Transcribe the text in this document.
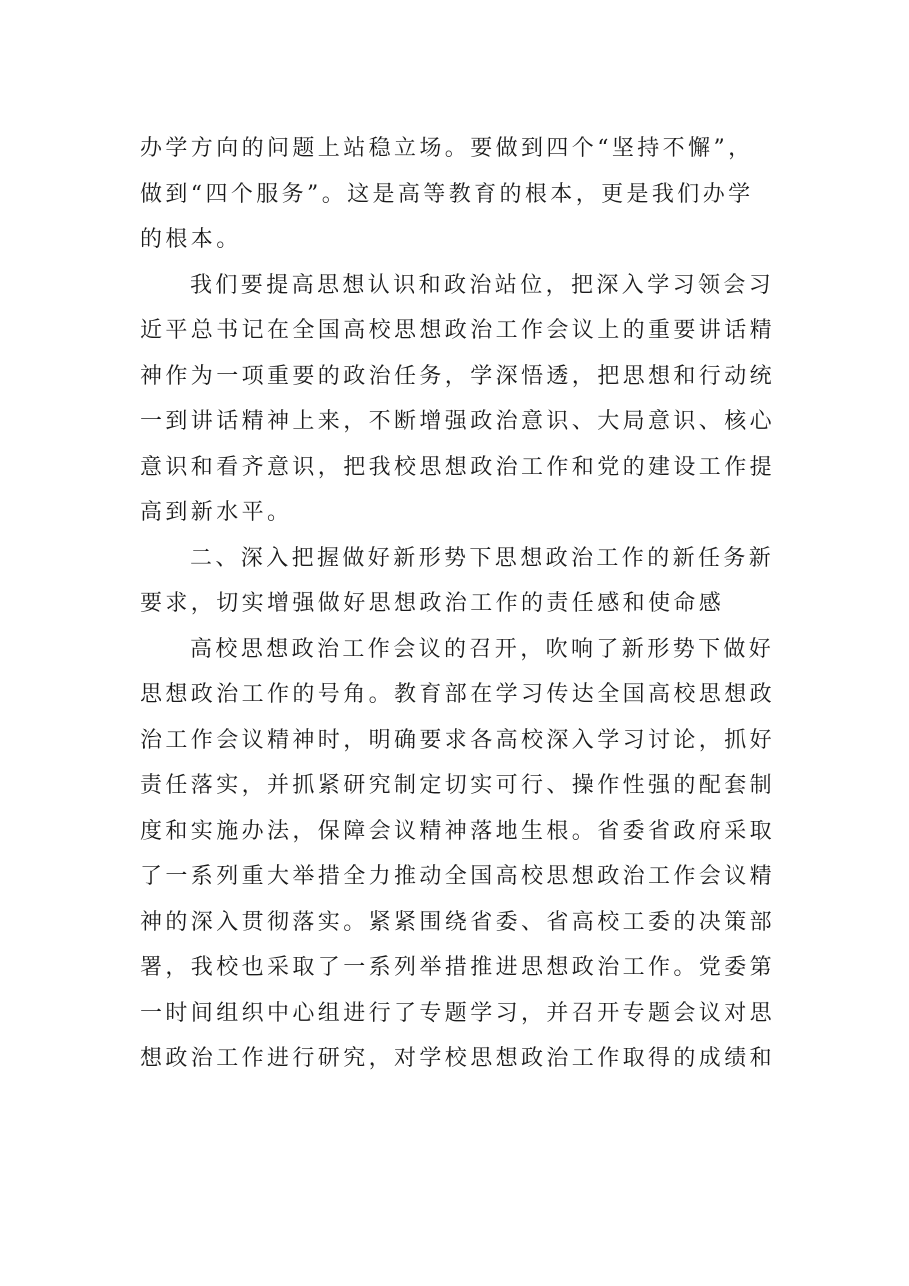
办学方向的问题上站稳立场。要做到四个“坚持不懈”，
做到“四个服务”。这是高等教育的根本，更是我们办学
的根本。
我们要提高思想认识和政治站位，把深入学习领会习
近平总书记在全国高校思想政治工作会议上的重要讲话精
神作为一项重要的政治任务，学深悟透，把思想和行动统
一到讲话精神上来，不断增强政治意识、大局意识、核心
意识和看齐意识，把我校思想政治工作和党的建设工作提
高到新水平。
二、深入把握做好新形势下思想政治工作的新任务新
要求，切实增强做好思想政治工作的责任感和使命感
高校思想政治工作会议的召开，吹响了新形势下做好
思想政治工作的号角。教育部在学习传达全国高校思想政
治工作会议精神时，明确要求各高校深入学习讨论，抓好
责任落实，并抓紧研究制定切实可行、操作性强的配套制
度和实施办法，保障会议精神落地生根。省委省政府采取
了一系列重大举措全力推动全国高校思想政治工作会议精
神的深入贯彻落实。紧紧围绕省委、省高校工委的决策部
署，我校也采取了一系列举措推进思想政治工作。党委第
一时间组织中心组进行了专题学习，并召开专题会议对思
想政治工作进行研究，对学校思想政治工作取得的成绩和
